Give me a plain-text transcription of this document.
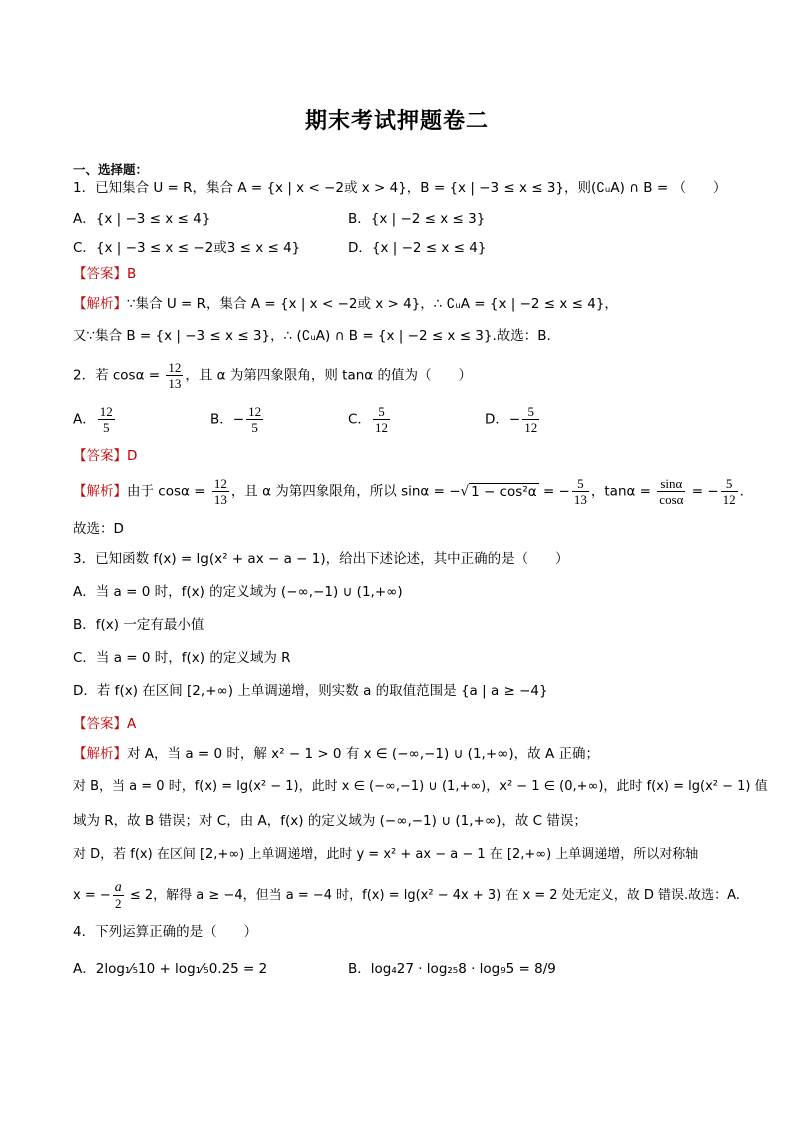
期末考试押题卷二
一、选择题：
1．已知集合 U = R，集合 A = {x | x < −2或 x > 4}，B = {x | −3 ≤ x ≤ 3}，则(∁ᵤA) ∩ B = （　　）
A．{x | −3 ≤ x ≤ 4}	B．{x | −2 ≤ x ≤ 3}
C．{x | −3 ≤ x ≤ −2或3 ≤ x ≤ 4}	D．{x | −2 ≤ x ≤ 4}
【答案】B
【解析】∵集合 U = R，集合 A = {x | x < −2或 x > 4}，∴ ∁ᵤA = {x | −2 ≤ x ≤ 4}，
又∵集合 B = {x | −3 ≤ x ≤ 3}，∴ (∁ᵤA) ∩ B = {x | −2 ≤ x ≤ 3}.故选：B.
2．若 $\cos\alpha = \frac{12}{13}$ ，且 α 为第四象限角，则 tanα 的值为（　　）
A． $\frac{12}{5}$	B．− $\frac{12}{5}$	C． $\frac{5}{12}$	D．− $\frac{5}{12}$
【答案】D
【解析】由于 $\cos\alpha = \frac{12}{13}$ ，且 α 为第四象限角，所以 sinα = −√ 1 − cos²α = − $\frac{5}{13}$ ，$\tan\alpha = \frac{\sin\alpha}{\cos\alpha}$ = − $\frac{5}{12}$ .
故选：D
3．已知函数 f(x) = lg(x² + ax − a − 1)，给出下述论述，其中正确的是（　　）
A．当 a = 0 时，f(x) 的定义域为 (−∞,−1) ∪ (1,+∞)
B．f(x) 一定有最小值
C．当 a = 0 时，f(x) 的定义域为 R
D．若 f(x) 在区间 [2,+∞) 上单调递增，则实数 a 的取值范围是 {a | a ≥ −4}
【答案】A
【解析】对 A，当 a = 0 时，解 x² − 1 > 0 有 x ∈ (−∞,−1) ∪ (1,+∞)，故 A 正确；
对 B，当 a = 0 时，f(x) = lg(x² − 1)，此时 x ∈ (−∞,−1) ∪ (1,+∞)，x² − 1 ∈ (0,+∞)，此时 f(x) = lg(x² − 1) 值
域为 R，故 B 错误；对 C，由 A，f(x) 的定义域为 (−∞,−1) ∪ (1,+∞)，故 C 错误；
对 D，若 f(x) 在区间 [2,+∞) 上单调递增，此时 y = x² + ax − a − 1 在 [2,+∞) 上单调递增，所以对称轴
x = − $\frac{a}{2} \le 2$，解得 a ≥ −4，但当 a = −4 时，f(x) = lg(x² − 4x + 3) 在 x = 2 处无定义，故 D 错误.故选：A.
4．下列运算正确的是（　　）
A．2log₁⁄₅10 + log₁⁄₅0.25 = 2	B．log₄27 · log₂₅8 · log₉5 = 8/9
